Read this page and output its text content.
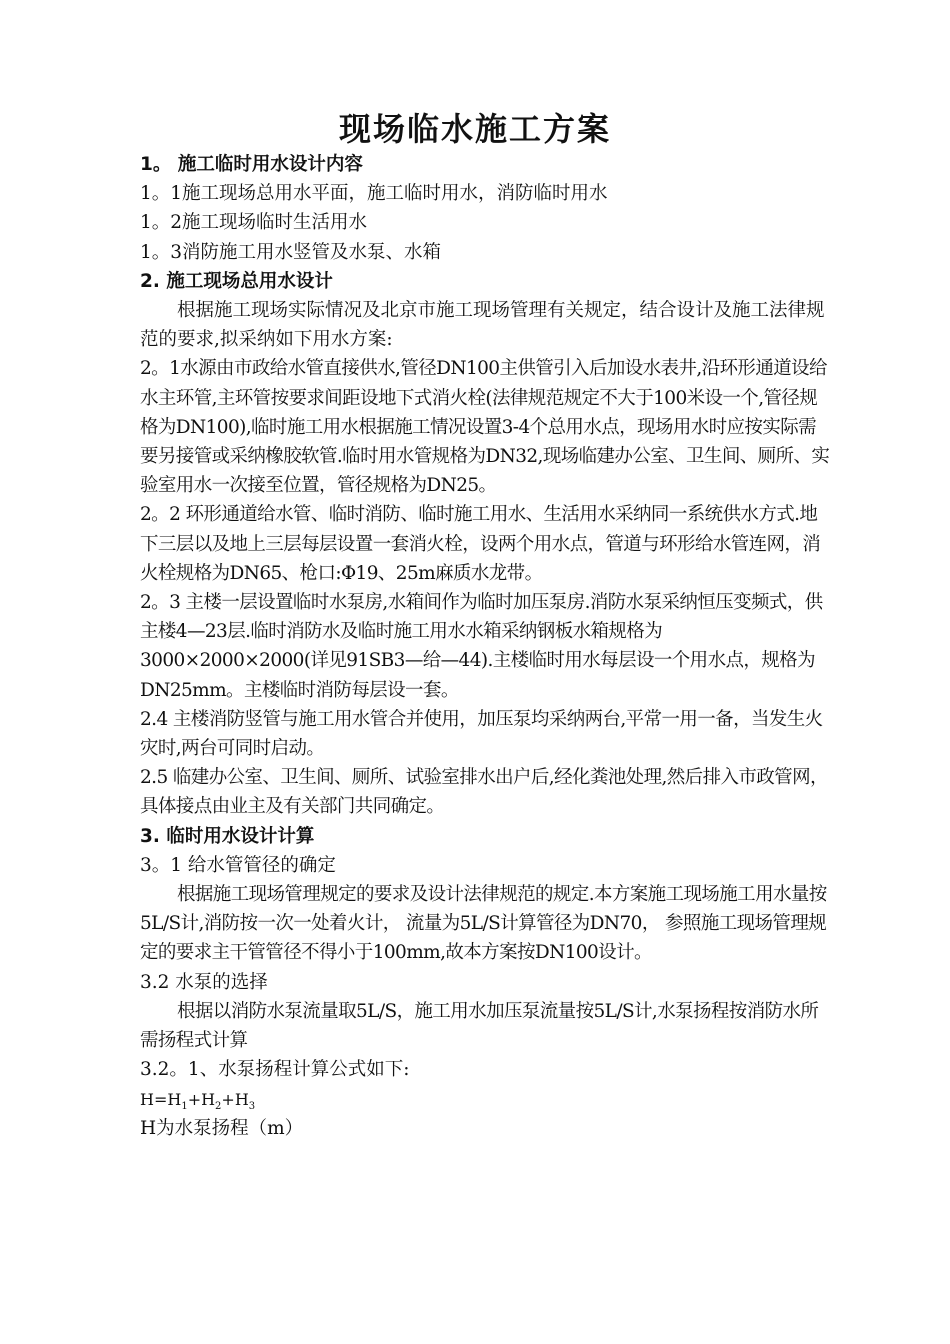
现场临水施工方案

1。 施工临时用水设计内容

1。1施工现场总用水平面，施工临时用水，消防临时用水

1。2施工现场临时生活用水

1。3消防施工用水竖管及水泵、水箱

2. 施工现场总用水设计

根据施工现场实际情况及北京市施工现场管理有关规定，结合设计及施工法律规范的要求,拟采纳如下用水方案:

2。1水源由市政给水管直接供水,管径DN100主供管引入后加设水表井,沿环形通道设给水主环管,主环管按要求间距设地下式消火栓(法律规范规定不大于100米设一个,管径规格为DN100),临时施工用水根据施工情况设置3-4个总用水点，现场用水时应按实际需要另接管或采纳橡胶软管.临时用水管规格为DN32,现场临建办公室、卫生间、厕所、实验室用水一次接至位置，管径规格为DN25。

2。2 环形通道给水管、临时消防、临时施工用水、生活用水采纳同一系统供水方式.地下三层以及地上三层每层设置一套消火栓，设两个用水点，管道与环形给水管连网，消火栓规格为DN65、枪口:Φ19、25m麻质水龙带。

2。3 主楼一层设置临时水泵房,水箱间作为临时加压泵房.消防水泵采纳恒压变频式，供主楼4—23层.临时消防水及临时施工用水水箱采纳钢板水箱规格为3000×2000×2000(详见91SB3—给—44).主楼临时用水每层设一个用水点，规格为DN25mm。主楼临时消防每层设一套。

2.4 主楼消防竖管与施工用水管合并使用，加压泵均采纳两台,平常一用一备，当发生火灾时,两台可同时启动。

2.5 临建办公室、卫生间、厕所、试验室排水出户后,经化粪池处理,然后排入市政管网，具体接点由业主及有关部门共同确定。

3. 临时用水设计计算

3。1 给水管管径的确定

根据施工现场管理规定的要求及设计法律规范的规定.本方案施工现场施工用水量按5L/S计,消防按一次一处着火计， 流量为5L/S计算管径为DN70， 参照施工现场管理规定的要求主干管管径不得小于100mm,故本方案按DN100设计。

3.2 水泵的选择

根据以消防水泵流量取5L/S，施工用水加压泵流量按5L/S计,水泵扬程按消防水所需扬程式计算

3.2。1、水泵扬程计算公式如下:

$H=H_1+H_2+H_3$

H为水泵扬程（m）
